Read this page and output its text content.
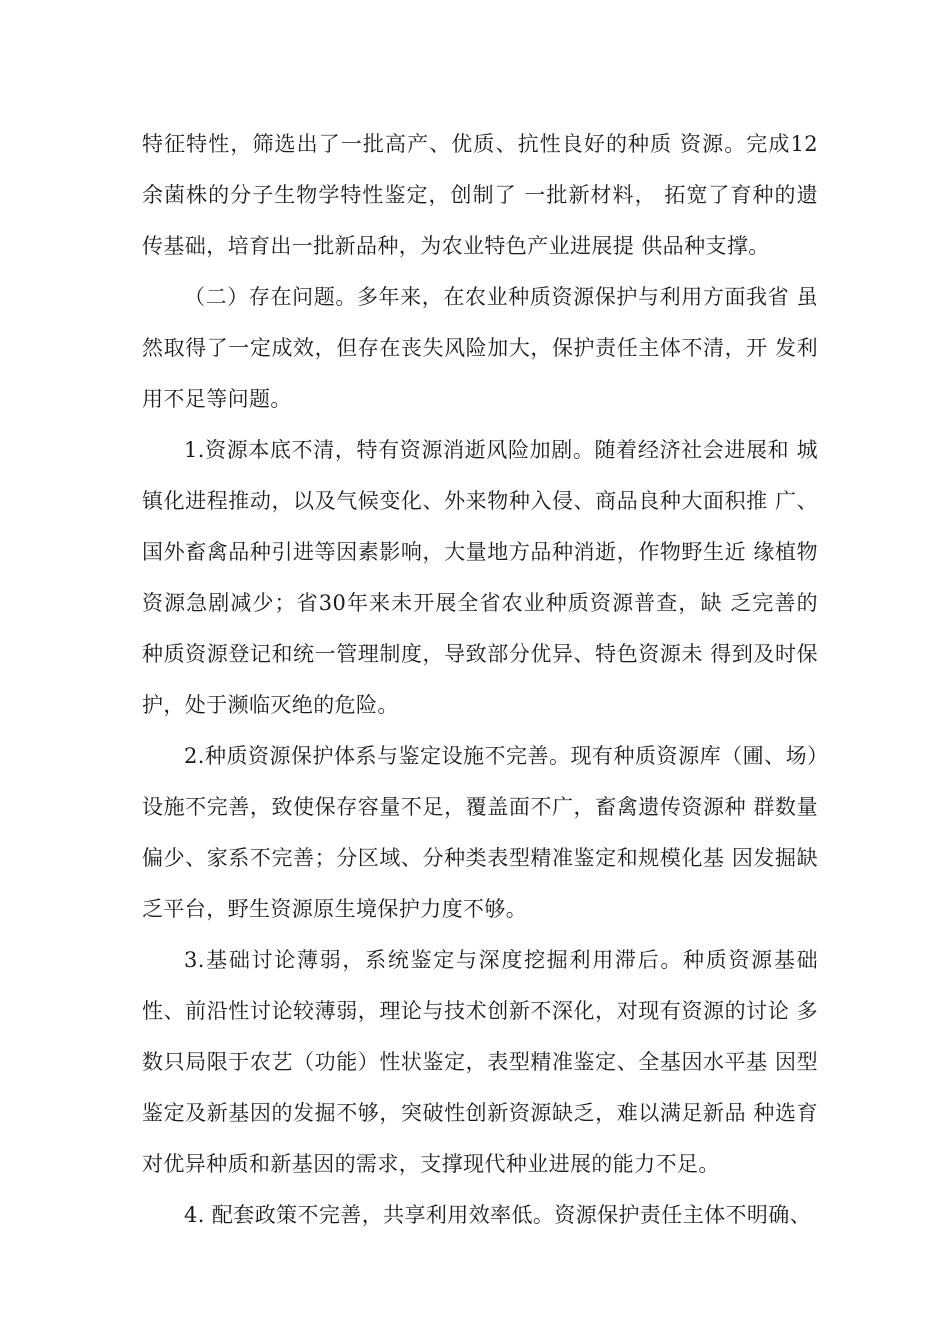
特征特性，筛选出了一批高产、优质、抗性良好的种质 资源。完成12余菌株的分子生物学特性鉴定，创制了 一批新材料， 拓宽了育种的遗传基础，培育出一批新品种，为农业特色产业进展提 供品种支撑。

（二）存在问题。多年来，在农业种质资源保护与利用方面我省 虽然取得了一定成效，但存在丧失风险加大，保护责任主体不清，开 发利用不足等问题。

1.资源本底不清，特有资源消逝风险加剧。随着经济社会进展和 城镇化进程推动，以及气候变化、外来物种入侵、商品良种大面积推 广、国外畜禽品种引进等因素影响，大量地方品种消逝，作物野生近 缘植物资源急剧减少；省30年来未开展全省农业种质资源普查，缺 乏完善的种质资源登记和统一管理制度，导致部分优异、特色资源未 得到及时保护，处于濒临灭绝的危险。

2.种质资源保护体系与鉴定设施不完善。现有种质资源库（圃、场）设施不完善，致使保存容量不足，覆盖面不广，畜禽遗传资源种 群数量偏少、家系不完善；分区域、分种类表型精准鉴定和规模化基 因发掘缺乏平台，野生资源原生境保护力度不够。

3.基础讨论薄弱，系统鉴定与深度挖掘利用滞后。种质资源基础性、前沿性讨论较薄弱，理论与技术创新不深化，对现有资源的讨论 多数只局限于农艺（功能）性状鉴定，表型精准鉴定、全基因水平基 因型鉴定及新基因的发掘不够，突破性创新资源缺乏，难以满足新品 种选育对优异种质和新基因的需求，支撑现代种业进展的能力不足。

4. 配套政策不完善，共享利用效率低。资源保护责任主体不明确、
